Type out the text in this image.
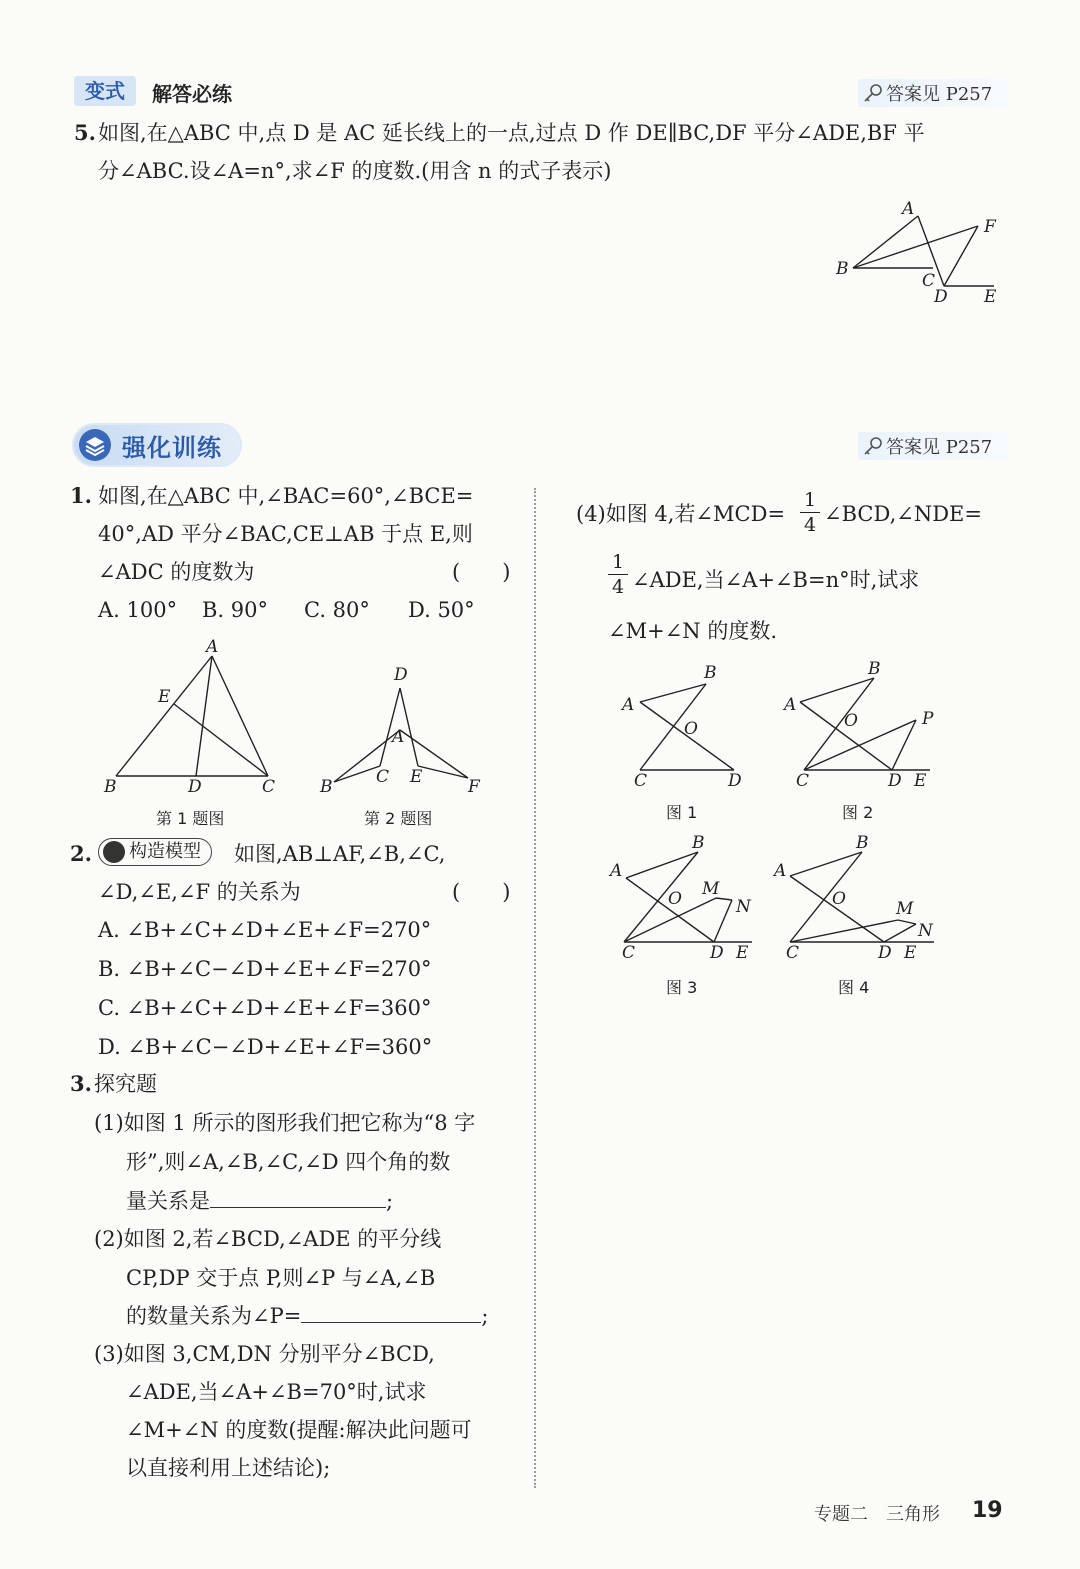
变式	解答必练	答案见 P257
5. 如图,在△ABC 中,点 D 是 AC 延长线上的一点,过点 D 作 DE∥BC,DF 平分∠ADE,BF 平
分∠ABC.设∠A=n°,求∠F 的度数.(用含 n 的式子表示)
A
F
B
C
D E
强化训练	答案见 P257
1. 如图,在△ABC 中,∠BAC=60°,∠BCE=
40°,AD 平分∠BAC,CE⊥AB 于点 E,则
∠ADC 的度数为	(　　)
A. 100° B. 90° C. 80° D. 50°
A
E
B	D	C
第 1 题图
D
A
B	C E	F
第 2 题图
2.	构造模型	如图,AB⊥AF,∠B,∠C,
∠D,∠E,∠F 的关系为	(　　)
A. ∠B+∠C+∠D+∠E+∠F=270°
B. ∠B+∠C−∠D+∠E+∠F=270°
C. ∠B+∠C+∠D+∠E+∠F=360°
D. ∠B+∠C−∠D+∠E+∠F=360°
3. 探究题
(1)如图 1 所示的图形我们把它称为“8 字
形”,则∠A,∠B,∠C,∠D 四个角的数
量关系是	;
(2)如图 2,若∠BCD,∠ADE 的平分线
CP,DP 交于点 P,则∠P 与∠A,∠B
的数量关系为∠P=	;
(3)如图 3,CM,DN 分别平分∠BCD,
∠ADE,当∠A+∠B=70°时,试求
∠M+∠N 的度数(提醒:解决此问题可
以直接利用上述结论);
(4)如图 4,若∠MCD= $\frac{1}{4}$ ∠BCD,∠NDE=
$\frac{1}{4}$ ∠ADE,当∠A+∠B=n°时,试求
∠M+∠N 的度数.
B
A
O
C	D
图 1
B
A
O	P
C	D E
图 2
B
A
O M
N
C	D E
图 3
B
A
O	M
N
C	D E
图 4
专题二　三角形 19
